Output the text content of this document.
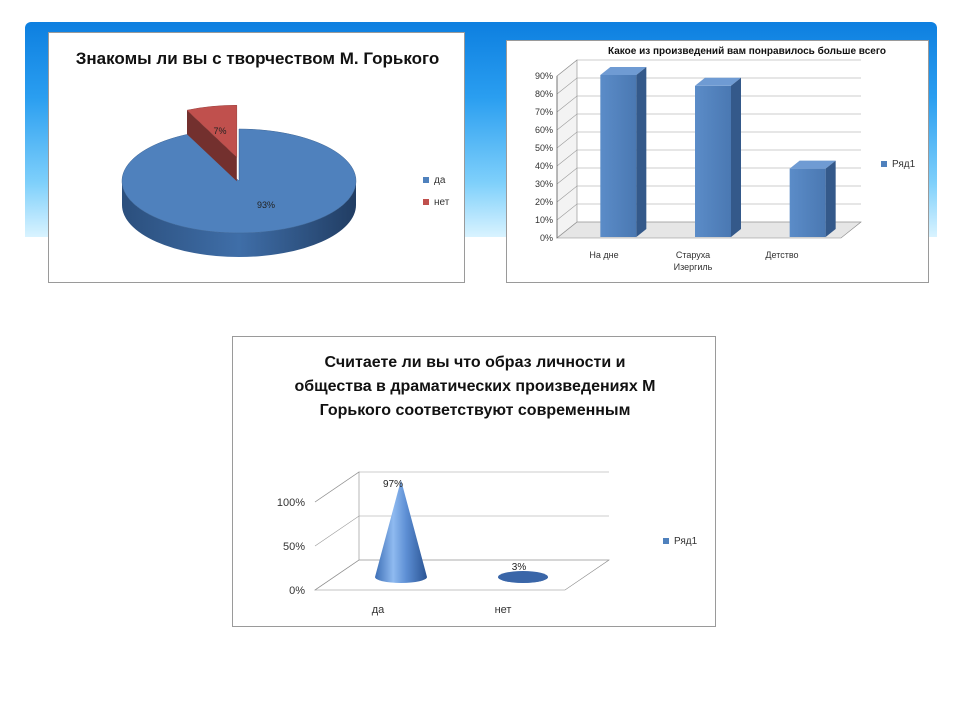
Знакомы ли вы с творчеством М. Горького
93%
7%
да
нет
Какое из произведений вам понравилось больше всего
0%
10%
20%
30%
40%
50%
60%
70%
80%
90%
На дне	Старуха
Изергиль
Детство
Ряд1
Считаете ли вы что образ личности и общества в драматических произведениях М Горького соответствуют современным
0%
50%
100%
97%
3%
да	нет
Ряд1
